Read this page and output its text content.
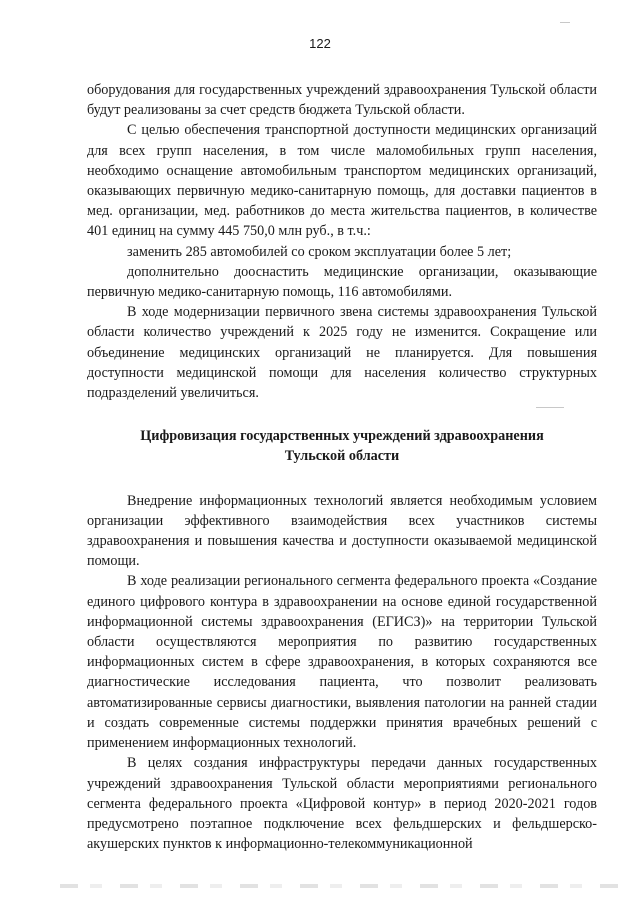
122

оборудования для государственных учреждений здравоохранения Тульской области будут реализованы за счет средств бюджета Тульской области.

С целью обеспечения транспортной доступности медицинских организаций для всех групп населения, в том числе маломобильных групп населения, необходимо оснащение автомобильным транспортом медицинских организаций, оказывающих первичную медико-санитарную помощь, для доставки пациентов в мед. организации, мед. работников до места жительства пациентов, в количестве 401 единиц на сумму 445 750,0 млн руб., в т.ч.:

заменить 285 автомобилей со сроком эксплуатации более 5 лет;

дополнительно дооснастить медицинские организации, оказывающие первичную медико-санитарную помощь, 116 автомобилями.

В ходе модернизации первичного звена системы здравоохранения Тульской области количество учреждений к 2025 году не изменится. Сокращение или объединение медицинских организаций не планируется. Для повышения доступности медицинской помощи для населения количество структурных подразделений увеличиться.

Цифровизация государственных учреждений здравоохранения
Тульской области

Внедрение информационных технологий является необходимым условием организации эффективного взаимодействия всех участников системы здравоохранения и повышения качества и доступности оказываемой медицинской помощи.

В ходе реализации регионального сегмента федерального проекта «Создание единого цифрового контура в здравоохранении на основе единой государственной информационной системы здравоохранения (ЕГИСЗ)» на территории Тульской области осуществляются мероприятия по развитию государственных информационных систем в сфере здравоохранения, в которых сохраняются все диагностические исследования пациента, что позволит реализовать автоматизированные сервисы диагностики, выявления патологии на ранней стадии и создать современные системы поддержки принятия врачебных решений с применением информационных технологий.

В целях создания инфраструктуры передачи данных государственных учреждений здравоохранения Тульской области мероприятиями регионального сегмента федерального проекта «Цифровой контур» в период 2020-2021 годов предусмотрено поэтапное подключение всех фельдшерских и фельдшерско-акушерских пунктов к информационно-телекоммуникационной
